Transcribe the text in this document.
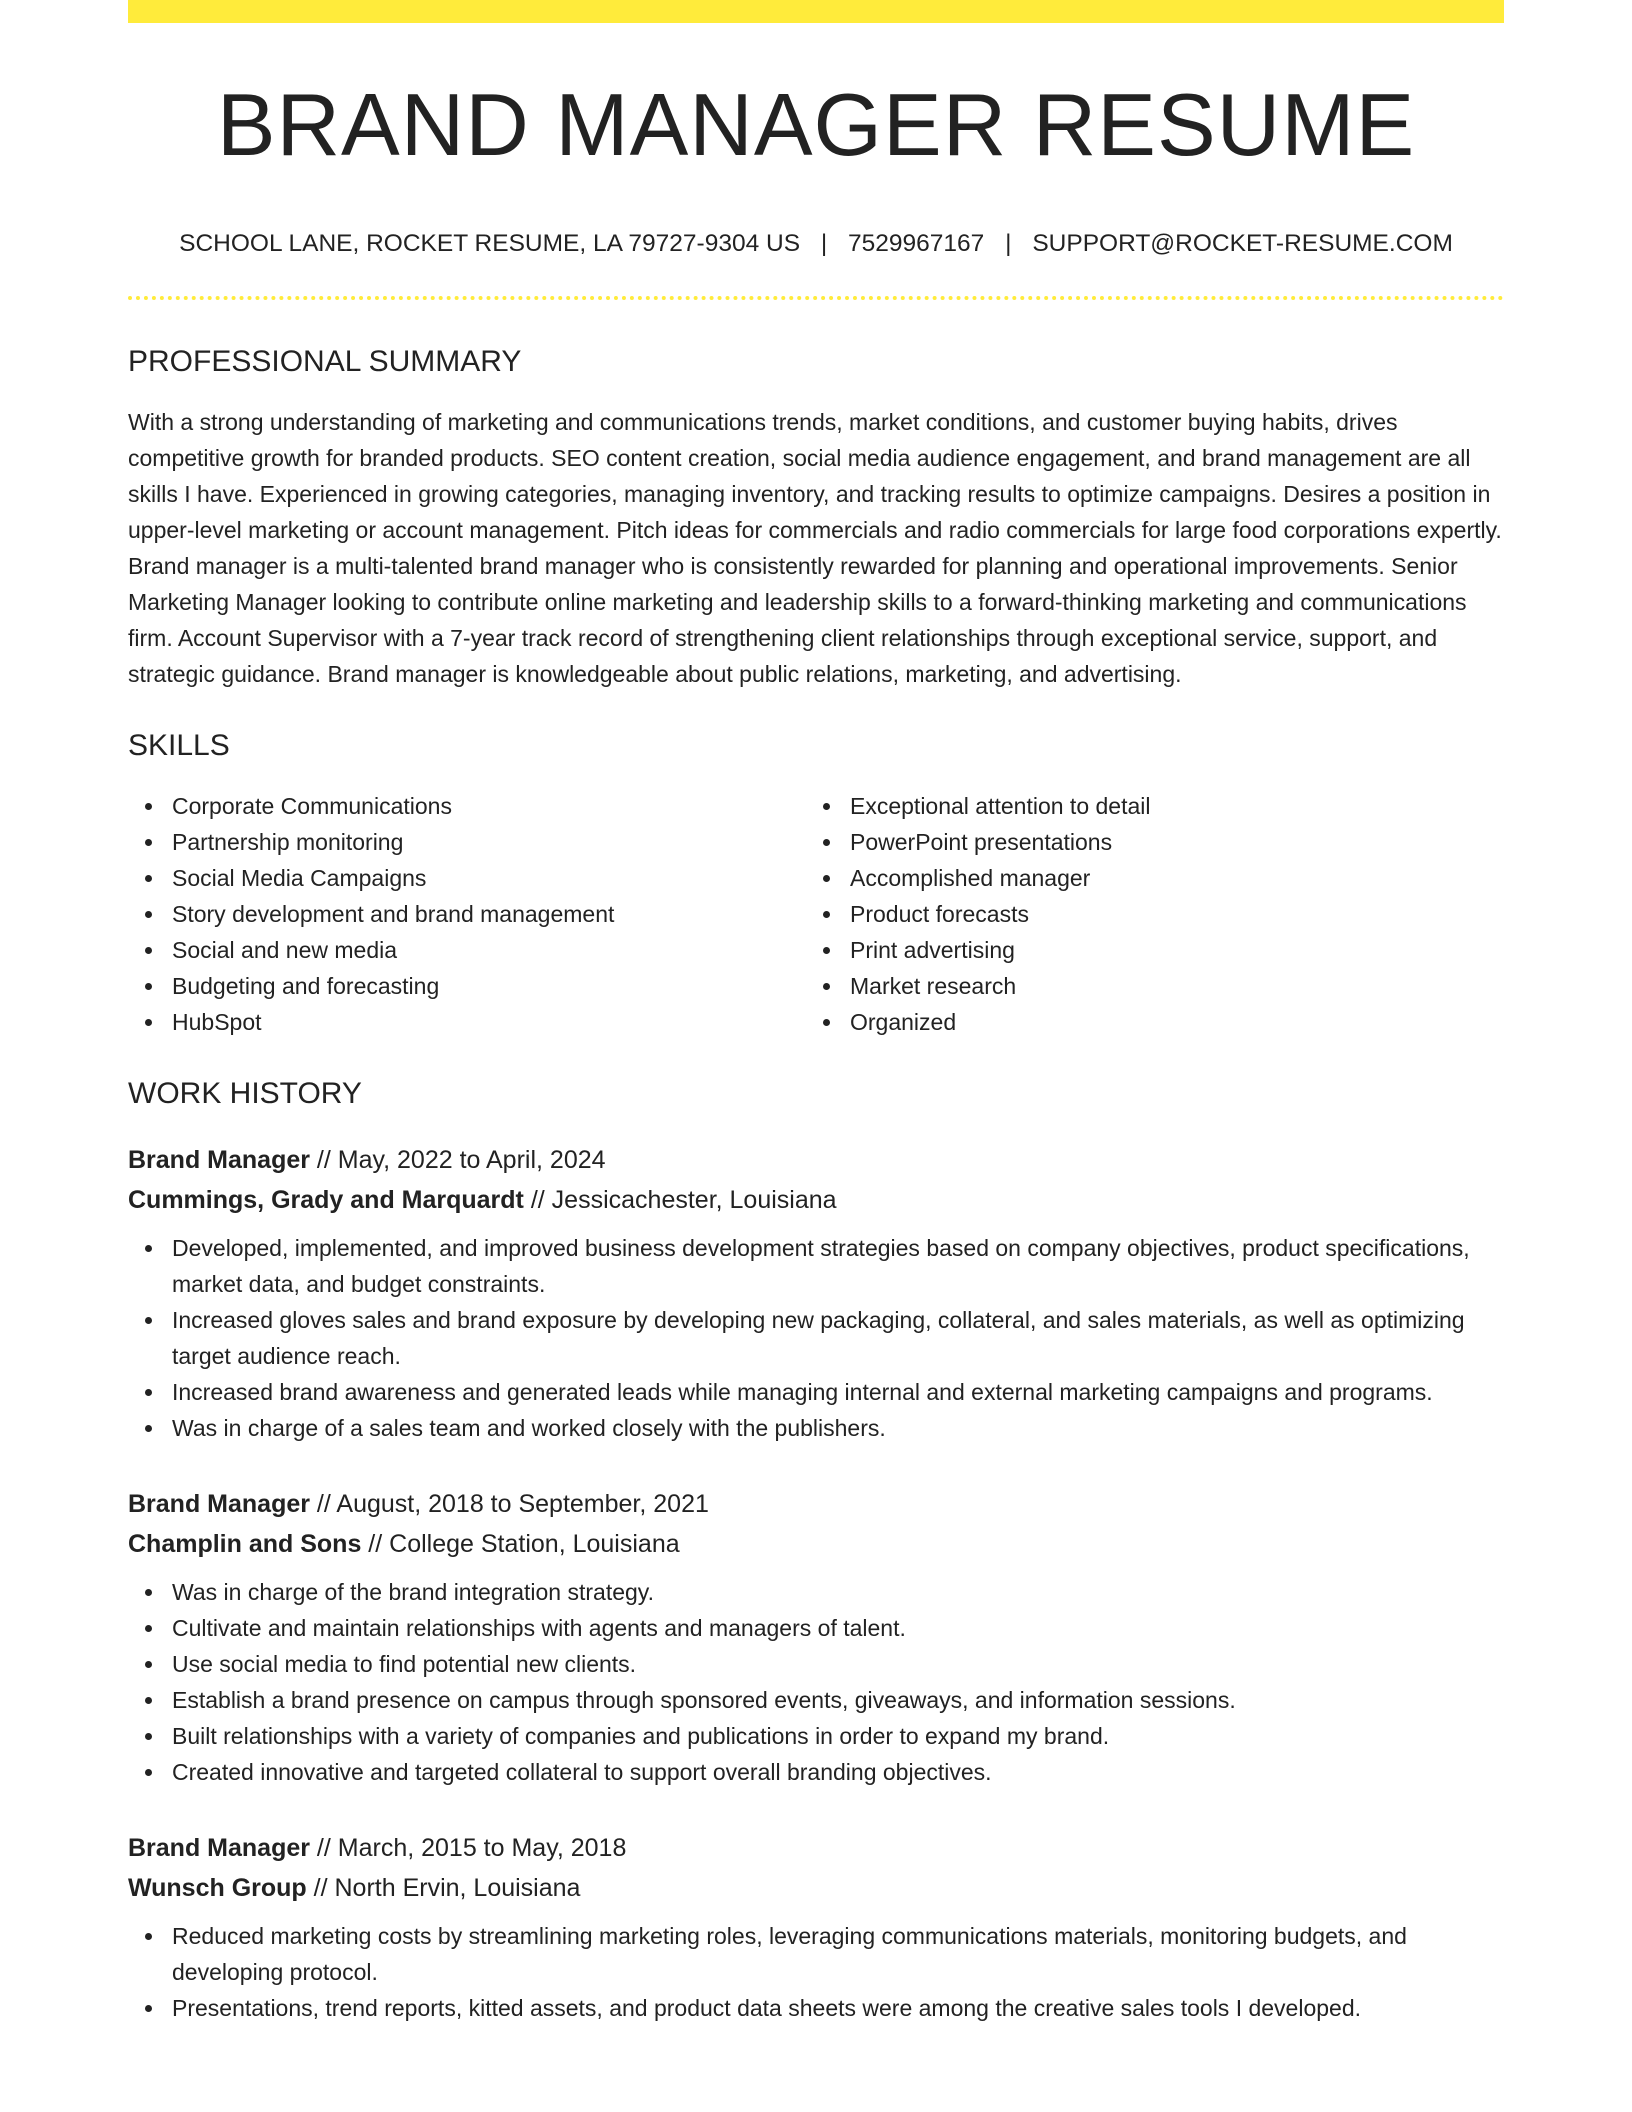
BRAND MANAGER RESUME
SCHOOL LANE, ROCKET RESUME, LA 79727-9304 US | 7529967167 | SUPPORT@ROCKET-RESUME.COM
PROFESSIONAL SUMMARY
With a strong understanding of marketing and communications trends, market conditions, and customer buying habits, drives competitive growth for branded products. SEO content creation, social media audience engagement, and brand management are all skills I have. Experienced in growing categories, managing inventory, and tracking results to optimize campaigns. Desires a position in upper-level marketing or account management. Pitch ideas for commercials and radio commercials for large food corporations expertly. Brand manager is a multi-talented brand manager who is consistently rewarded for planning and operational improvements. Senior Marketing Manager looking to contribute online marketing and leadership skills to a forward-thinking marketing and communications firm. Account Supervisor with a 7-year track record of strengthening client relationships through exceptional service, support, and strategic guidance. Brand manager is knowledgeable about public relations, marketing, and advertising.
SKILLS
Corporate Communications
Partnership monitoring
Social Media Campaigns
Story development and brand management
Social and new media
Budgeting and forecasting
HubSpot
Exceptional attention to detail
PowerPoint presentations
Accomplished manager
Product forecasts
Print advertising
Market research
Organized
WORK HISTORY
Brand Manager // May, 2022 to April, 2024
Cummings, Grady and Marquardt // Jessicachester, Louisiana
Developed, implemented, and improved business development strategies based on company objectives, product specifications, market data, and budget constraints.
Increased gloves sales and brand exposure by developing new packaging, collateral, and sales materials, as well as optimizing target audience reach.
Increased brand awareness and generated leads while managing internal and external marketing campaigns and programs.
Was in charge of a sales team and worked closely with the publishers.
Brand Manager // August, 2018 to September, 2021
Champlin and Sons // College Station, Louisiana
Was in charge of the brand integration strategy.
Cultivate and maintain relationships with agents and managers of talent.
Use social media to find potential new clients.
Establish a brand presence on campus through sponsored events, giveaways, and information sessions.
Built relationships with a variety of companies and publications in order to expand my brand.
Created innovative and targeted collateral to support overall branding objectives.
Brand Manager // March, 2015 to May, 2018
Wunsch Group // North Ervin, Louisiana
Reduced marketing costs by streamlining marketing roles, leveraging communications materials, monitoring budgets, and developing protocol.
Presentations, trend reports, kitted assets, and product data sheets were among the creative sales tools I developed.
